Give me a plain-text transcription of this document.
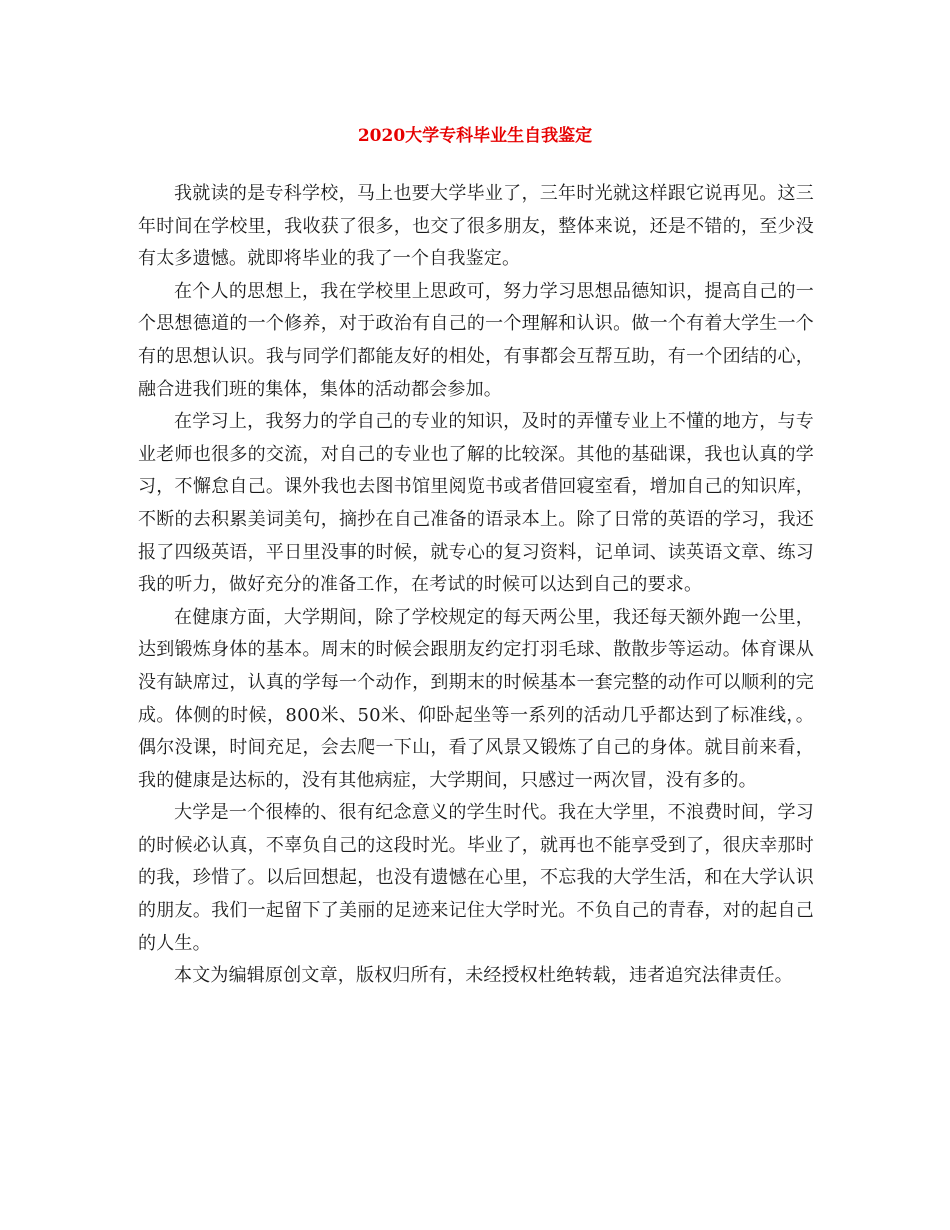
2020大学专科毕业生自我鉴定

我就读的是专科学校，马上也要大学毕业了，三年时光就这样跟它说再见。这三年时间在学校里，我收获了很多，也交了很多朋友，整体来说，还是不错的，至少没有太多遗憾。就即将毕业的我了一个自我鉴定。

在个人的思想上，我在学校里上思政可，努力学习思想品德知识，提高自己的一个思想德道的一个修养，对于政治有自己的一个理解和认识。做一个有着大学生一个有的思想认识。我与同学们都能友好的相处，有事都会互帮互助，有一个团结的心，融合进我们班的集体，集体的活动都会参加。

在学习上，我努力的学自己的专业的知识，及时的弄懂专业上不懂的地方，与专业老师也很多的交流，对自己的专业也了解的比较深。其他的基础课，我也认真的学习，不懈怠自己。课外我也去图书馆里阅览书或者借回寝室看，增加自己的知识库，不断的去积累美词美句，摘抄在自己准备的语录本上。除了日常的英语的学习，我还报了四级英语，平日里没事的时候，就专心的复习资料，记单词、读英语文章、练习我的听力，做好充分的准备工作，在考试的时候可以达到自己的要求。

在健康方面，大学期间，除了学校规定的每天两公里，我还每天额外跑一公里，达到锻炼身体的基本。周末的时候会跟朋友约定打羽毛球、散散步等运动。体育课从没有缺席过，认真的学每一个动作，到期末的时候基本一套完整的动作可以顺利的完成。体侧的时候，800米、50米、仰卧起坐等一系列的活动几乎都达到了标准线，。偶尔没课，时间充足，会去爬一下山，看了风景又锻炼了自己的身体。就目前来看，我的健康是达标的，没有其他病症，大学期间，只感过一两次冒，没有多的。

大学是一个很棒的、很有纪念意义的学生时代。我在大学里，不浪费时间，学习的时候必认真，不辜负自己的这段时光。毕业了，就再也不能享受到了，很庆幸那时的我，珍惜了。以后回想起，也没有遗憾在心里，不忘我的大学生活，和在大学认识的朋友。我们一起留下了美丽的足迹来记住大学时光。不负自己的青春，对的起自己的人生。

本文为编辑原创文章，版权归所有，未经授权杜绝转载，违者追究法律责任。
